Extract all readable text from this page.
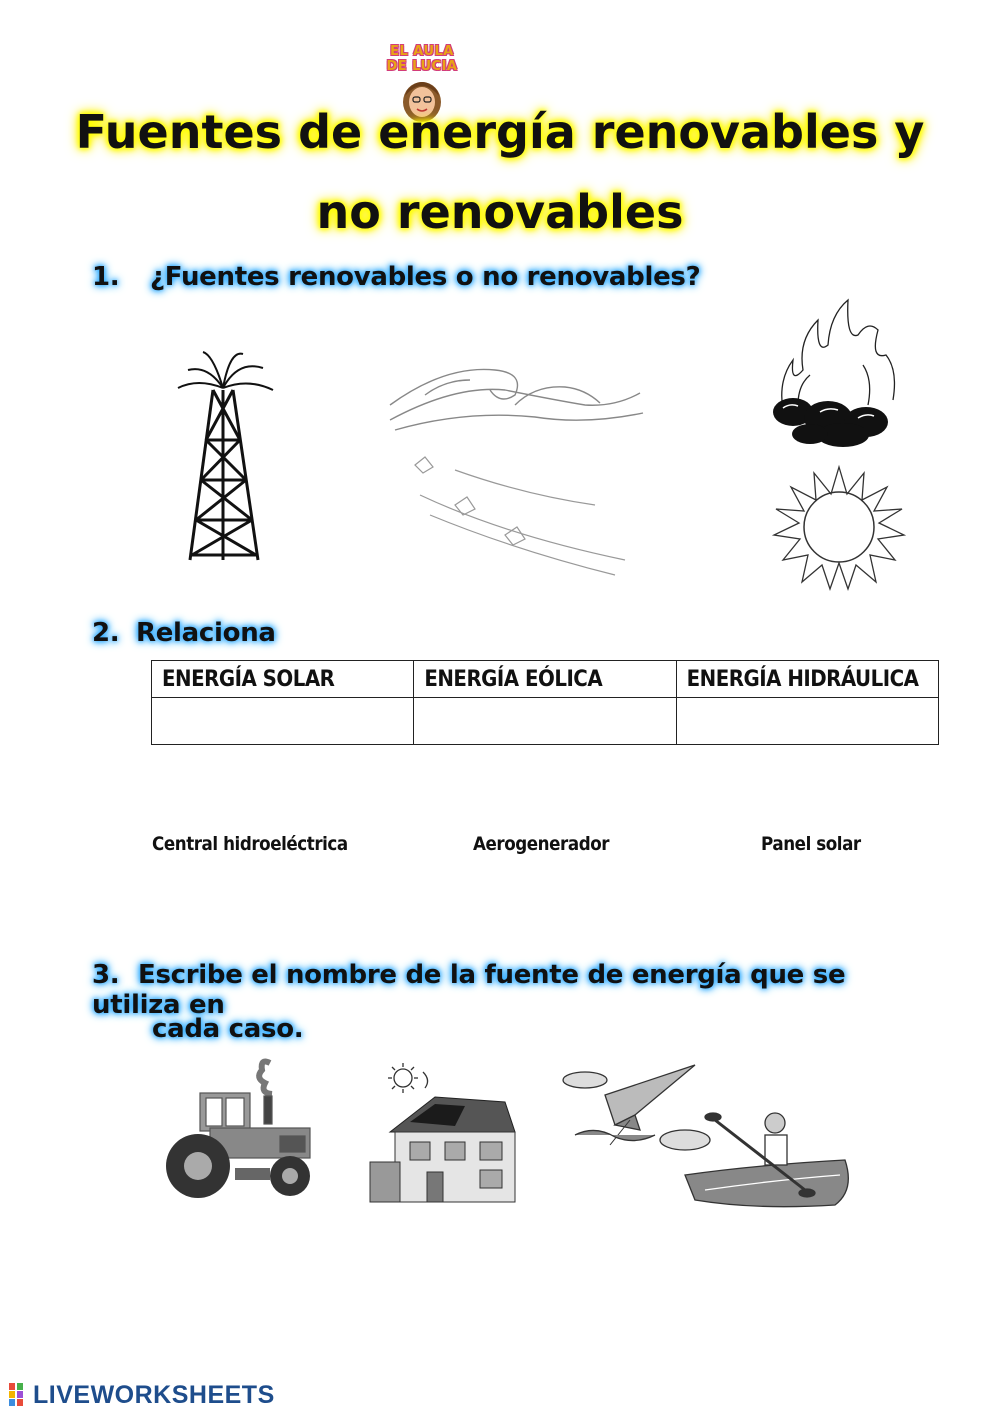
EL AULA
DE LUCIA
Fuentes de energía renovables y no renovables
1. ¿Fuentes renovables o no renovables?
2. Relaciona
ENERGÍA SOLAR	ENERGÍA EÓLICA	ENERGÍA HIDRÁULICA

Central hidroeléctrica	Aerogenerador	Panel solar
3. Escribe el nombre de la fuente de energía que se utiliza en
cada caso.
LIVEWORKSHEETS
